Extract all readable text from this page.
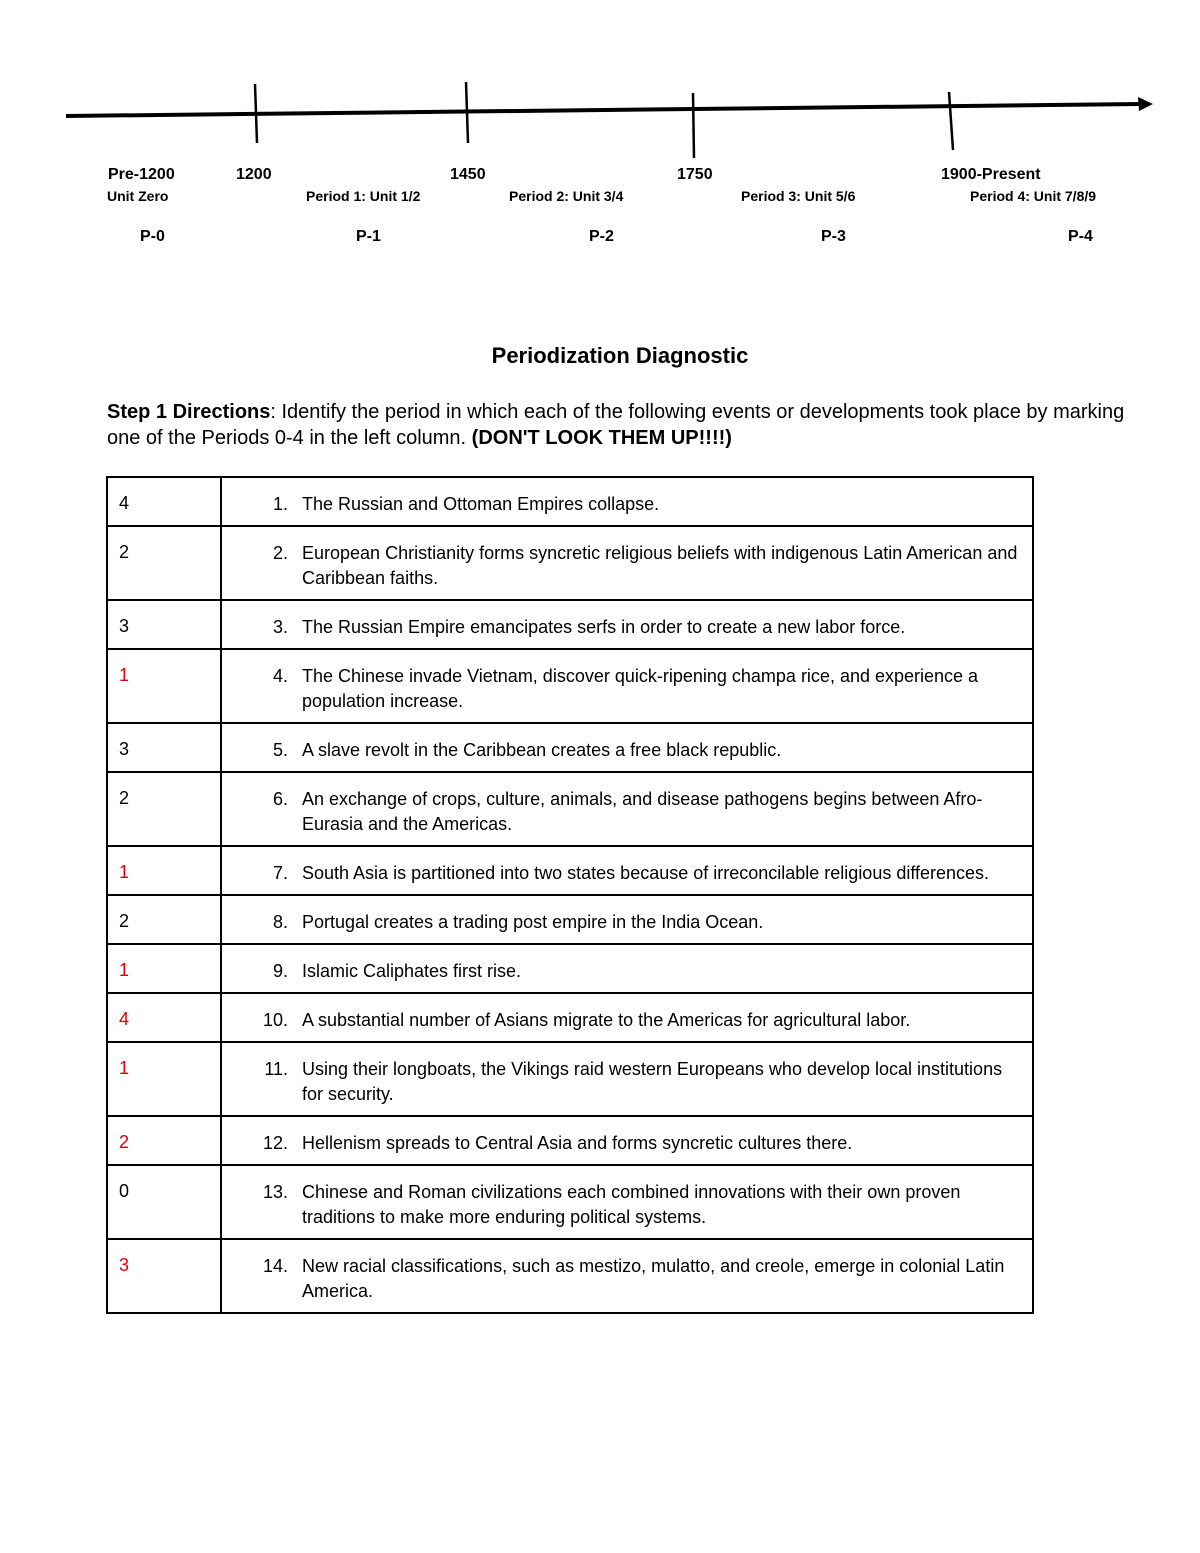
Pre-1200	1200	1450	1750	1900-Present
Unit Zero	Period 1: Unit 1/2	Period 2: Unit 3/4	Period 3: Unit 5/6	Period 4: Unit 7/8/9
P-0	P-1	P-2	P-3	P-4
Periodization Diagnostic
Step 1 Directions: Identify the period in which each of the following events or developments took place by marking one of the Periods 0-4 in the left column. (DON'T LOOK THEM UP!!!!)
4	1. The Russian and Ottoman Empires collapse.

2	2. European Christianity forms syncretic religious beliefs with indigenous Latin American and Caribbean faiths.

3	3. The Russian Empire emancipates serfs in order to create a new labor force.

1	4. The Chinese invade Vietnam, discover quick-ripening champa rice, and experience a population increase.

3	5. A slave revolt in the Caribbean creates a free black republic.

2	6. An exchange of crops, culture, animals, and disease pathogens begins between Afro-Eurasia and the Americas.

1	7. South Asia is partitioned into two states because of irreconcilable religious differences.

2	8. Portugal creates a trading post empire in the India Ocean.

1	9. Islamic Caliphates first rise.

4	10. A substantial number of Asians migrate to the Americas for agricultural labor.

1	11. Using their longboats, the Vikings raid western Europeans who develop local institutions for security.

2	12. Hellenism spreads to Central Asia and forms syncretic cultures there.

0	13. Chinese and Roman civilizations each combined innovations with their own proven traditions to make more enduring political systems.

3	14. New racial classifications, such as mestizo, mulatto, and creole, emerge in colonial Latin America.
